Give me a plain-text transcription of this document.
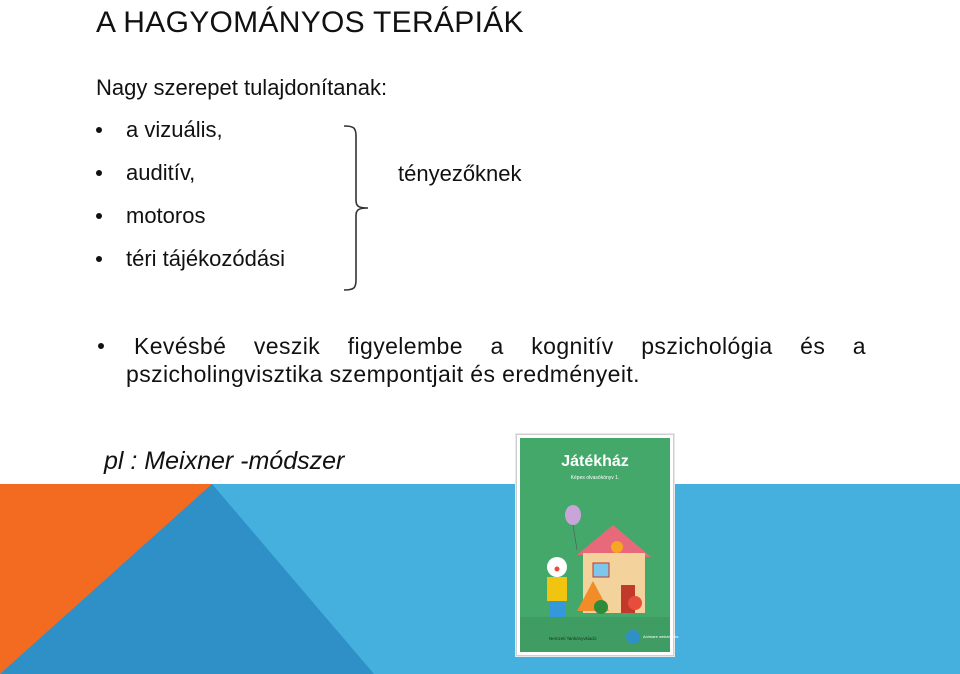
A HAGYOMÁNYOS TERÁPIÁK
Nagy szerepet tulajdonítanak:
a vizuális,
auditív,
motoros
téri tájékozódási
tényezőknek
Kevésbé veszik figyelembe a kognitív pszichológia és a
pszicholingvisztika szempontjait és eredményeit.
pl : Meixner -módszer	Játékház
Képes olvasókönyv 1.
Nemzeti Tankönyvkiadó	Animare webáruház
